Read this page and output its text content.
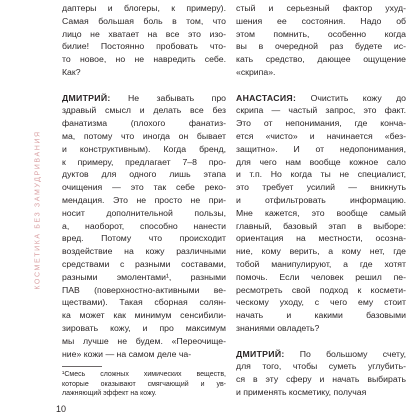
КОСМЕТИКА БЕЗ ЗАМУДРИВАНИЯ
даптеры и блогеры, к примеру).
Самая большая боль в том, что
лицо не хватает на все это изо-
билие! Постоянно пробовать что-
то новое, но не навредить себе.
Как?
ДМИТРИЙ: Не забывать про
здравый смысл и делать все без
фанатизма (плохого фанатиз-
ма, потому что иногда он бывает
и конструктивным). Когда бренд,
к примеру, предлагает 7–8 про-
дуктов для одного лишь этапа
очищения — это так себе реко-
мендация. Это не просто не при-
носит дополнительной пользы,
а, наоборот, способно нанести
вред. Потому что происходит
воздействие на кожу различными
средствами с разными составами,
разными эмолентами¹, разными
ПАВ (поверхностно-активными ве-
ществами). Такая сборная солян-
ка может как минимум сенсибили-
зировать кожу, и про максимум
мы лучше не будем. «Переочище-
ние» кожи — на самом деле ча-
¹Смесь сложных химических веществ,
которые оказывают смягчающий и ув-
лажняющий эффект на кожу.
стый и серьезный фактор ухуд-
шения ее состояния. Надо об
этом помнить, особенно когда
вы в очередной раз будете ис-
кать средство, дающее ощущение
«скрипа».
АНАСТАСИЯ: Очистить кожу до
скрипа — частый запрос, это факт.
Это от непонимания, где конча-
ется «чисто» и начинается «без-
защитно». И от недопонимания,
для чего нам вообще кожное сало
и т.п. Но когда ты не специалист,
это требует усилий — вникнуть
и отфильтровать информацию.
Мне кажется, это вообще самый
главный, базовый этап в выборе:
ориентация на местности, осозна-
ние, кому верить, а кому нет, где
тобой манипулируют, а где хотят
помочь. Если человек решил пе-
ресмотреть свой подход к космети-
ческому уходу, с чего ему стоит
начать и какими базовыми
знаниями овладеть?
ДМИТРИЙ: По большому счету,
для того, чтобы суметь углубить-
ся в эту сферу и начать выбирать
и применять косметику, получая
10
